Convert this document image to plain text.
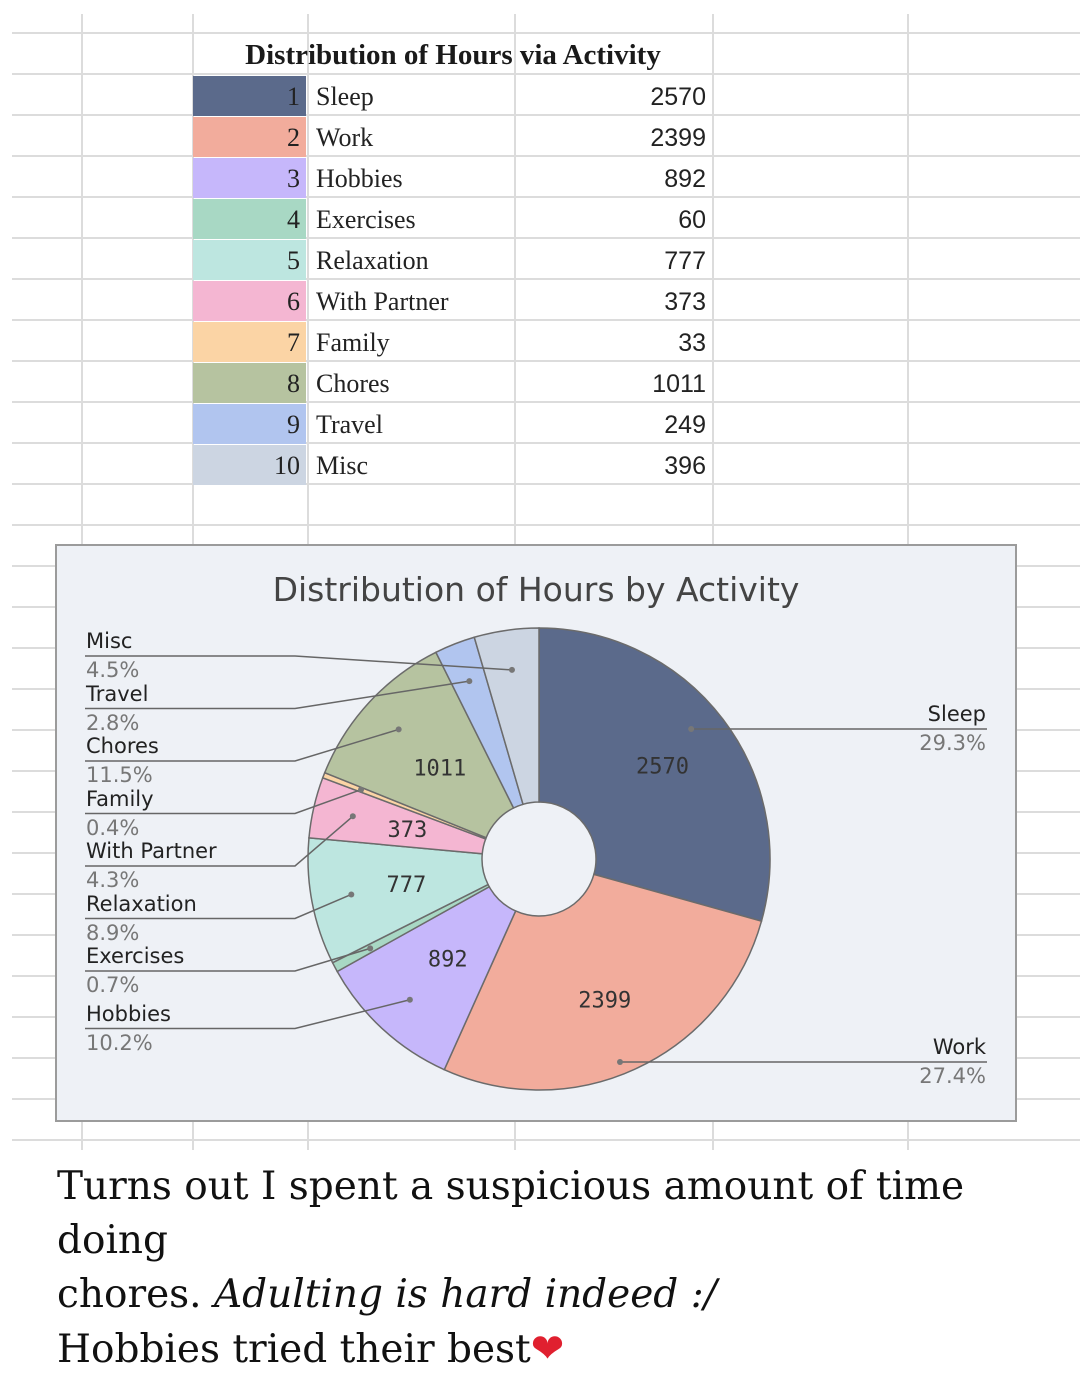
Distribution of Hours via Activity
1 Sleep	2570
2 Work	2399
3 Hobbies	892
4 Exercises	60
5 Relaxation	777
6 With Partner	373
7 Family	33
8 Chores	1011
9 Travel	249
10 Misc	396
Distribution of Hours by Activity
2570
2399
892
777
373
1011
Misc
4.5%
Travel
2.8%
Chores
11.5%
Family
0.4%
With Partner
4.3%
Relaxation
8.9%
Exercises
0.7%
Hobbies
10.2%
Sleep
29.3%
Work
27.4%

Turns out I spent a suspicious amount of time doing

chores. Adulting is hard indeed :/

Hobbies tried their best❤
